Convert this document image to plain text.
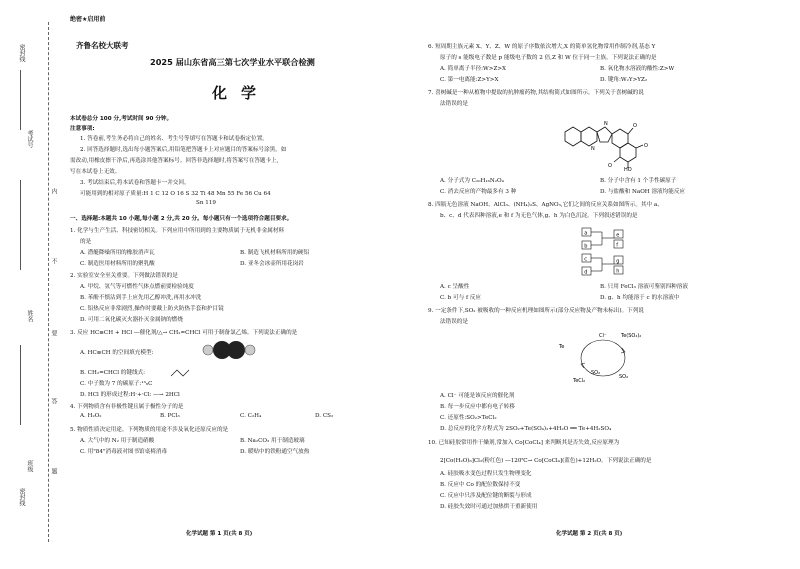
密封线
考试号
内
不
姓名
要
答
班级	题
密封线
绝密★启用前
齐鲁名校大联考
2025 届山东省高三第七次学业水平联合检测
化学
本试卷总分 100 分,考试时间 90 分钟。
注意事项:
1. 答卷前,考生务必将自己的姓名、考生号等填写在答题卡和试卷指定位置。
2. 回答选择题时,选出每小题答案后,用铅笔把答题卡上对应题目的答案标号涂黑。如
需改动,用橡皮擦干净后,再选涂其他答案标号。回答非选择题时,将答案写在答题卡上,
写在本试卷上无效。
3. 考试结束后,将本试卷和答题卡一并交回。
可能用到的相对原子质量:H 1 C 12 O 16 S 32 Ti 48 Mn 55 Fe 56 Cu 64
Sn 119
一、选择题:本题共 10 小题,每小题 2 分,共 20 分。每小题只有一个选项符合题目要求。
1. 化学与生产生活、科技密切相关。下列应用中所用到的主要物质属于无机非金属材料
的是
A. 潜艇降噪所用的橡胶消声瓦	B. 制造飞机材料所用的硬铝
C. 制造医用材料所用的聚乳酸	D. 亚冬会冰壶所用花岗岩
2. 实验室安全至关重要。下列做法错误的是
A. 甲烷、氢气等可燃性气体点燃前要检验纯度
B. 苯酚不慎沾到手上应先用乙醇冲洗,再用水冲洗
C. 铝热反应非常剧烈,操作时要戴上防火防热手套和护目镜
D. 可用二氧化碳灭火器扑灭金属钠的燃烧
3. 反应 HC≡CH + HCl ―催化剂/△→ CH₂=CHCl 可用于制备氯乙烯。下列说法正确的是
A. HC≡CH 的空间填充模型:
B. CH₂=CHCl 的键线式:
C. 中子数为 7 的碳原子:¹³₆C
D. HCl 的形成过程:H·+·Cl: ―→ 2HCl
4. 下列物质含有非极性键且属于极性分子的是
A. H₂O₂	B. PCl₃	C. C₂H₄	D. CS₂
5. 物质性质决定用途。下列物质的用途不涉及氧化还原反应的是
A. 大气中的 N₂ 用于制造硝酸	B. Na₂CO₃ 用于制造玻璃
C. 用"84"消毒液对图书馆桌椅消毒	D. 暖贴中的铁粉通空气放热
化学试题 第 1 页(共 8 页)
6. 短周期主族元素 X、Y、Z、W 的原子序数依次增大,X 的简单氢化物常用作制冷剂,基态 Y
原子的 s 能级电子数是 p 能级电子数的 2 倍,Z 和 W 位于同一主族。下列说法正确的是
A. 简单离子半径:W>Z>X	B. 氧化物水溶液的酸性:Z>W
C. 第一电离能:Z>Y>X	D. 键角:W₂Y>YZ₂
7. 喜树碱是一种从植物中提取的抗肿瘤药物,其结构简式如图所示。下列关于喜树碱的说
法错误的是
N
N	O
O
HO
O
A. 分子式为 C₂₀H₁₆N₂O₄	B. 分子中含有 1 个手性碳原子
C. 消去反应的产物最多有 3 种	D. 与盐酸和 NaOH 溶液均能反应
8. 四瓶无色溶液 NaOH、AlCl₃、(NH₄)₂S、AgNO₃,它们之间的反应关系如图所示。其中 a、
b、c、d 代表四种溶液,e 和 f 为无色气体,g、h 为白色沉淀。下列叙述错误的是
a
b
c
d
e
f
g
h
A. c 呈酸性	B. 只用 FeCl₃ 溶液可鉴别四种溶液
C. b 可与 f 反应	D. g、h 均能溶于 c 的水溶液中
9. 一定条件下,SO₂ 被吸收的一种反应机理如图所示(部分反应物及产物未标出)。下列说
法错误的是
Te
Cl⁻	Te(SO₄)₂
TeCl₂
SO₂
SO₂
A. Cl⁻ 可能是该反应的催化剂
B. 每一步反应中都有电子转移
C. 还原性:SO₂>TeCl₂
D. 总反应的化学方程式为 2SO₂+Te(SO₄)₂+4H₂O ══ Te+4H₂SO₄
10. 已知硅胶常用作干燥剂,常加入 Co[CoCl₄] 来判断其是否失效,反应原理为
2[Co(H₂O)₆]Cl₂(粉红色) ―120℃→ Co[CoCl₄](蓝色)+12H₂O。下列说法正确的是
A. 硅胶吸水变色过程只发生物理变化
B. 反应中 Co 的配位数保持不变
C. 反应中只涉及配位键的断裂与形成
D. 硅胶失效时可通过加热烘干重新使用
化学试题 第 2 页(共 8 页)
